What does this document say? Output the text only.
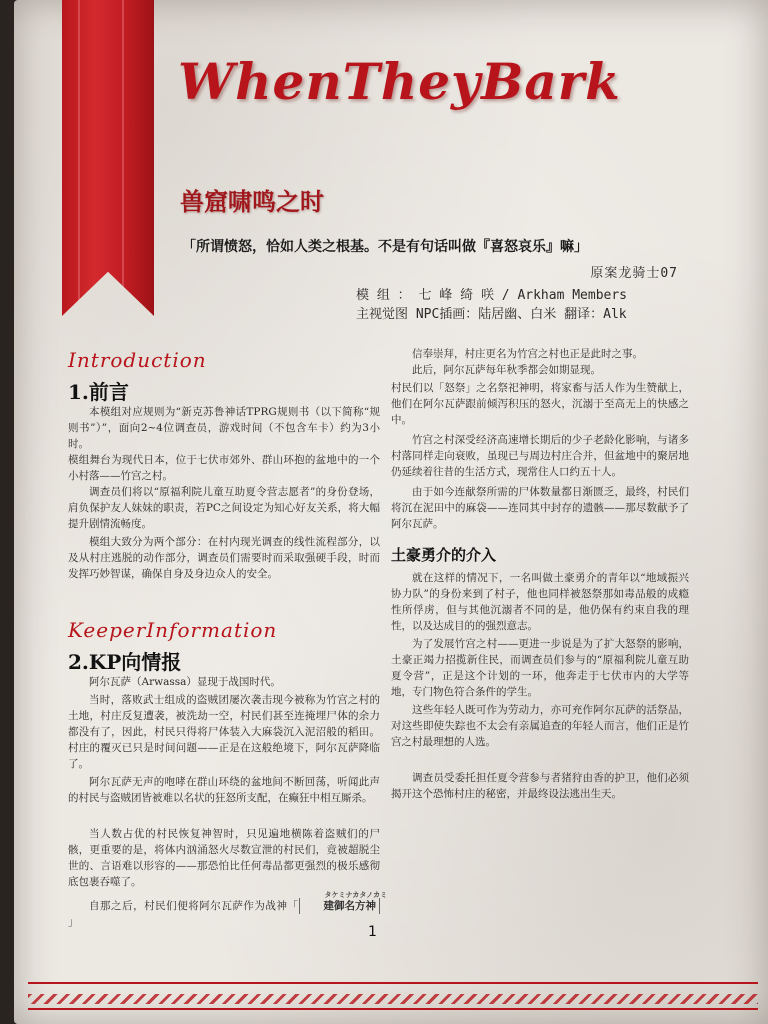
WhenTheyBark
兽窟啸鸣之时
「所谓愤怒，恰如人类之根基。不是有句话叫做『喜怒哀乐』嘛」
原案龙骑士07
模 组 ： 七 峰 绮 咲 / Arkham Members
主视觉图 NPC插画：陆居幽、白米 翻译：Alk
Introduction
1.前言
本模组对应规则为“新克苏鲁神话TPRG规则书（以下简称“规则书”）”，面向2~4位调查员，游戏时间（不包含车卡）约为3小时。
模组舞台为现代日本，位于七伏市郊外、群山环抱的盆地中的一个小村落——竹宫之村。
调查员们将以“原福利院儿童互助夏令营志愿者”的身份登场，肩负保护友人妹妹的职责，若PC之间设定为知心好友关系，将大幅提升剧情流畅度。
模组大致分为两个部分：在村内现光调查的线性流程部分，以及从村庄逃脱的动作部分，调查员们需要时而采取强硬手段，时而发挥巧妙智谋，确保自身及身边众人的安全。
KeeperInformation
2.KP向情报
阿尔瓦萨（Arwassa）显现于战国时代。
当时，落败武士组成的盗贼团屡次袭击现今被称为竹宫之村的土地，村庄反复遭袭，被洗劫一空，村民们甚至连掩埋尸体的余力都没有了，因此，村民只得将尸体装入大麻袋沉入泥沼般的稻田。村庄的覆灭已只是时间问题——正是在这般绝境下，阿尔瓦萨降临了。
阿尔瓦萨无声的咆哮在群山环绕的盆地间不断回荡，听闻此声的村民与盗贼团皆被难以名状的狂怒所支配，在癫狂中相互厮杀。
当人数占优的村民恢复神智时，只见遍地横陈着盗贼们的尸骸，更重要的是，将体内汹涌怒火尽数宣泄的村民们，竟被超脱尘世的、言语难以形容的——那恐怕比任何毒品都更强烈的极乐感彻底包裹吞噬了。
自那之后，村民们便将阿尔瓦萨作为战神「
タケミナカタノカミ
建御名方神」
信奉崇拜，村庄更名为竹宫之村也正是此时之事。
此后，阿尔瓦萨每年秋季都会如期显现。
村民们以「怒祭」之名祭祀神明，将家畜与活人作为生赞献上，他们在阿尔瓦萨跟前倾泻积压的怒火，沉溺于至高无上的快感之中。
竹宫之村深受经济高速增长期后的少子老龄化影响，与诸多村落同样走向衰败，虽现已与周边村庄合并，但盆地中的聚居地仍延续着往昔的生活方式，现常住人口约五十人。
由于如今连献祭所需的尸体数量都日渐匮乏，最终，村民们将沉在泥田中的麻袋——连同其中封存的遗骸——那尽数献予了阿尔瓦萨。
土豪勇介的介入
就在这样的情况下，一名叫做土豪勇介的青年以“地域振兴协力队”的身份来到了村子，他也同样被怒祭那如毒品般的成瘾性所俘虏，但与其他沉溺者不同的是，他仍保有约束自我的理性，以及达成目的的强烈意志。
为了发展竹宫之村——更进一步说是为了扩大怒祭的影响，土豪正竭力招揽新住民，而调查员们参与的“原福利院儿童互助夏令营”，正是这个计划的一环，他奔走于七伏市内的大学等地，专门物色符合条件的学生。
这些年轻人既可作为劳动力，亦可充作阿尔瓦萨的活祭品，对这些即使失踪也不太会有亲属追查的年轻人而言，他们正是竹宫之村最理想的人选。
调查员受委托担任夏令营参与者猪狩由香的护卫，他们必须揭开这个恐怖村庄的秘密，并最终设法逃出生天。
1
